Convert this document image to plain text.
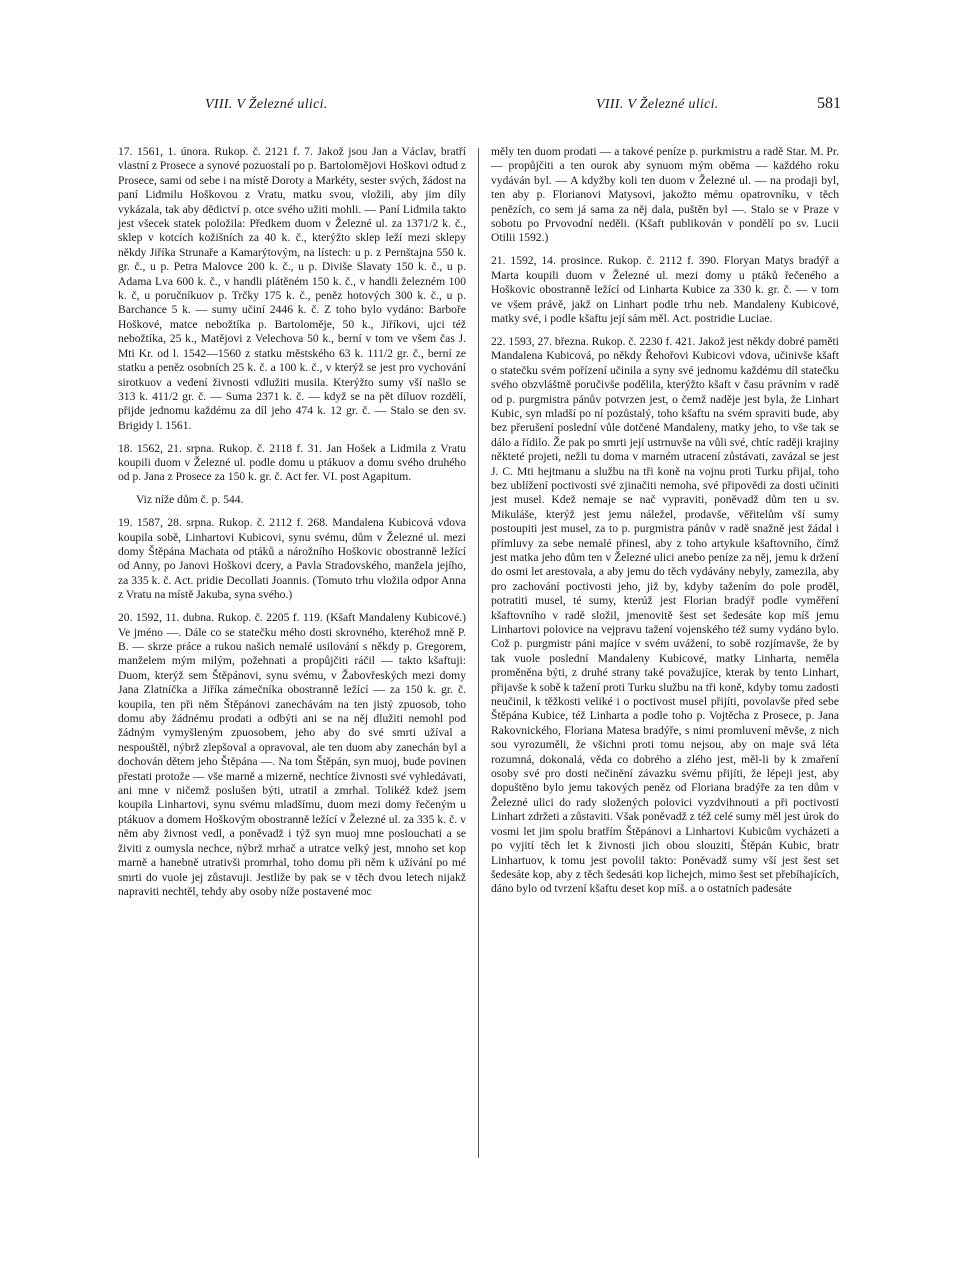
VIII. V Železné ulici.	VIII. V Železné ulici.	581

17. 1561, 1. února. Rukop. č. 2121 f. 7. Jakož jsou Jan a Václav, bratří vlastní z Prosece a synové pozuostalí po p. Bartolomějovi Hoškovi odtud z Prosece, sami od sebe i na místě Doroty a Markéty, sester svých, žádost na paní Lidmilu Hoškovou z Vratu, matku svou, vložili, aby jim díly vykázala, tak aby dědictví p. otce svého užiti mohli. — Paní Lidmila takto jest všecek statek položila: Předkem duom v Železné ul. za 1371/2 k. č., sklep v kotcích kožišních za 40 k. č., kterýžto sklep leží mezi sklepy někdy Jiříka Strunaře a Kamarýtovým, na lístech: u p. z Pernštajna 550 k. gr. č., u p. Petra Malovce 200 k. č., u p. Diviše Slavaty 150 k. č., u p. Adama Lva 600 k. č., v handli plátěném 150 k. č., v handli železném 100 k. č, u poručníkuov p. Trčky 175 k. č., peněz hotových 300 k. č., u p. Barchance 5 k. — sumy učiní 2446 k. č. Z toho bylo vydáno: Barboře Hoškové, matce nebožtíka p. Bartoloměje, 50 k., Jiříkovi, ujci též nebožtíka, 25 k., Matějovi z Velechova 50 k., berní v tom ve všem čas J. Mti Kr. od l. 1542—1560 z statku městského 63 k. 111/2 gr. č., berní ze statku a peněz osobních 25 k. č. a 100 k. č., v kterýž se jest pro vychování sirotkuov a vedení živnosti vdlužiti musila. Kterýžto sumy vší našlo se 313 k. 411/2 gr. č. — Suma 2371 k. č. — když se na pět díluov rozdělí, přijde jednomu každému za díl jeho 474 k. 12 gr. č. — Stalo se den sv. Brigidy l. 1561.

18. 1562, 21. srpna. Rukop. č. 2118 f. 31. Jan Hošek a Lidmila z Vratu koupili duom v Železné ul. podle domu u ptákuov a domu svého druhého od p. Jana z Prosece za 150 k. gr. č. Act fer. VI. post Agapitum.

Viz níže dům č. p. 544.

19. 1587, 28. srpna. Rukop. č. 2112 f. 268. Mandalena Kubicová vdova koupila sobě, Linhartovi Kubicovi, synu svému, dům v Železné ul. mezi domy Štěpána Machata od ptáků a nárožního Hoškovic obostranně ležící od Anny, po Janovi Hoškovi dcery, a Pavla Stradovského, manžela jejího, za 335 k. č. Act. pridie Decollati Joannis. (Tomuto trhu vložila odpor Anna z Vratu na místě Jakuba, syna svého.)

20. 1592, 11. dubna. Rukop. č. 2205 f. 119. (Kšaft Mandaleny Kubicové.) Ve jméno —. Dále co se statečku mého dosti skrovného, kteréhož mně P. B. — skrze práce a rukou našich nemalé usilování s někdy p. Gregorem, manželem mým milým, požehnati a propůjčiti ráčil — takto kšaftuji: Duom, kterýž sem Štěpánovi, synu svému, v Žabovřeských mezi domy Jana Zlatníčka a Jiříka zámečníka obostranně ležící — za 150 k. gr. č. koupila, ten při něm Štěpánovi zanechávám na ten jistý zpuosob, toho domu aby žádnému prodati a odbýti ani se na něj dlužiti nemohl pod žádným vymyšleným zpuosobem, jeho aby do své smrti užíval a nespouštěl, nýbrž zlepšoval a opravoval, ale ten duom aby zanechán byl a dochován dětem jeho Štěpána —. Na tom Štěpán, syn muoj, bude povinen přestati protože — vše marně a mizerně, nechtíce živnosti své vyhledávati, ani mne v ničemž poslušen býti, utratil a zmrhal. Tolikéž kdež jsem koupila Linhartovi, synu svému mladšímu, duom mezi domy řečeným u ptákuov a domem Hoškovým obostranně ležící v Železné ul. za 335 k. č. v něm aby živnost vedl, a poněvadž i týž syn muoj mne poslouchati a se živiti z oumysla nechce, nýbrž mrhač a utratce velký jest, mnoho set kop marně a hanebně utrativši promrhal, toho domu při něm k užívání po mé smrti do vuole jej zůstavuji. Jestliže by pak se v těch dvou letech nijakž napraviti nechtěl, tehdy aby osoby níže postavené moc

měly ten duom prodati — a takové peníze p. purkmistru a radě Star. M. Pr. — propůjčiti a ten ourok aby synuom mým oběma — každého roku vydáván byl. — A kdyžby koli ten duom v Železné ul. — na prodaji byl, ten aby p. Florianovi Matysovi, jakožto mému opatrovníku, v těch penězích, co sem já sama za něj dala, puštěn byl —. Stalo se v Praze v sobotu po Prvovodní neděli. (Kšaft publikován v pondělí po sv. Lucii Otilii 1592.)

21. 1592, 14. prosince. Rukop. č. 2112 f. 390. Floryan Matys bradýř a Marta koupili duom v Železné ul. mezi domy u ptáků řečeného a Hoškovic obostranně ležící od Linharta Kubice za 330 k. gr. č. — v tom ve všem právě, jakž on Linhart podle trhu neb. Mandaleny Kubicové, matky své, i podle kšaftu její sám měl. Act. postridie Luciae.

22. 1593, 27. března. Rukop. č. 2230 f. 421. Jakož jest někdy dobré paměti Mandalena Kubicová, po někdy Řehořovi Kubicovi vdova, učinivše kšaft o statečku svém pořízení učinila a syny své jednomu každému díl statečku svého obzvláštně poručivše podělila, kterýžto kšaft v času právním v radě od p. purgmistra pánův potvrzen jest, o čemž naděje jest byla, že Linhart Kubic, syn mladší po ní pozůstalý, toho kšaftu na svém spraviti bude, aby bez přerušení poslední vůle dotčené Mandaleny, matky jeho, to vše tak se dálo a řídilo. Že pak po smrti její ustrnuvše na vůli své, chtíc raději krajiny někteté projeti, nežli tu doma v marném utracení zůstávati, zavázal se jest J. C. Mti hejtmanu a službu na tři koně na vojnu proti Turku přijal, toho bez ublížení poctivosti své zjinačiti nemoha, své připovědi za dosti učiniti jest musel. Kdež nemaje se nač vypraviti, poněvadž dům ten u sv. Mikuláše, kterýž jest jemu náležel, prodavše, věřitelům vší sumy postoupiti jest musel, za to p. purgmistra pánův v radě snažně jest žádal i přímluvy za sebe nemalé přinesl, aby z toho artykule kšaftovního, čímž jest matka jeho dům ten v Železné ulici anebo peníze za něj, jemu k držení do osmi let arestovala, a aby jemu do těch vydávány nebyly, zamezila, aby pro zachování poctivosti jeho, již by, kdyby tažením do pole proděl, potratiti musel, té sumy, kterúž jest Florian bradýř podle vyměření kšaftovního v radě složil, jmenovitě šest set šedesáte kop míš jemu Linhartovi polovice na vejpravu tažení vojenského též sumy vydáno bylo. Což p. purgmistr páni majíce v svém uvážení, to sobě rozjímavše, že by tak vuole poslední Mandaleny Kubicové, matky Linharta, neměla proměněna býti, z druhé strany také považujíce, kterak by tento Linhart, přijavše k sobě k tažení proti Turku službu na tři koně, kdyby tomu zadosti neučinil, k těžkosti veliké i o poctivost musel přijíti, povolavše před sebe Štěpána Kubice, též Linharta a podle toho p. Vojtěcha z Prosece, p. Jana Rakovnického, Floriana Matesa bradýře, s nimi promluvení měvše, z nich sou vyrozuměli, že všichni proti tomu nejsou, aby on maje svá léta rozumná, dokonalá, věda co dobrého a zlého jest, měl-li by k zmaření osoby své pro dosti nečinění závazku svému přijíti, že lépeji jest, aby dopuštěno bylo jemu takových peněz od Floriana bradýře za ten dům v Železné ulici do rady složených polovici vyzdvihnouti a při poctivosti Linhart zdržeti a zůstaviti. Však poněvadž z též celé sumy měl jest úrok do vosmi let jim spolu bratřím Štěpánovi a Linhartovi Kubicům vycházeti a po vyjití těch let k živnosti jich obou slouziti, Štěpán Kubic, bratr Linhartuov, k tomu jest povolil takto: Poněvadž sumy vší jest šest set šedesáte kop, aby z těch šedesáti kop lichejch, mimo šest set přebíhajících, dáno bylo od tvrzení kšaftu deset kop míš. a o ostatních padesáte
